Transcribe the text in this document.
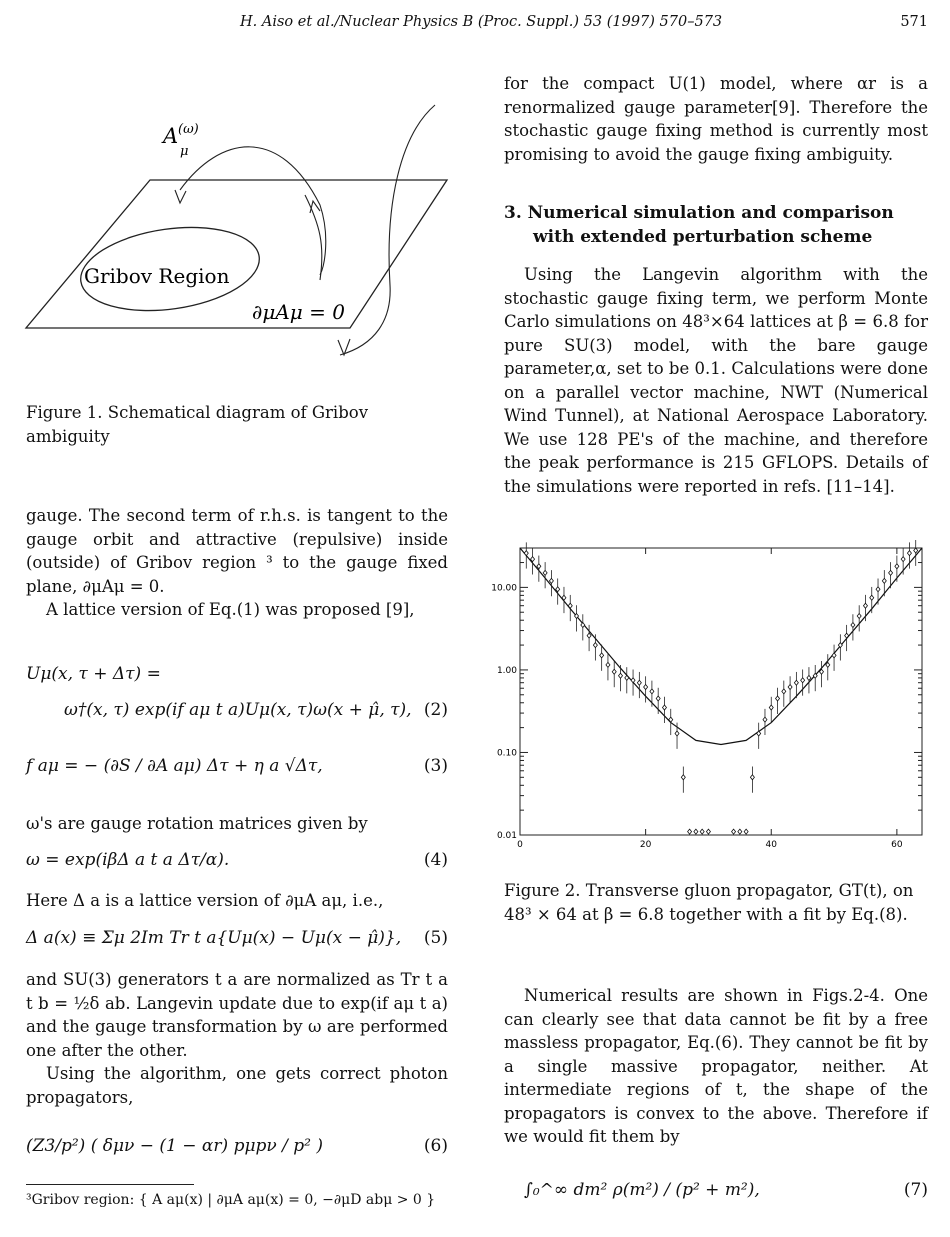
H. Aiso et al./Nuclear Physics B (Proc. Suppl.) 53 (1997) 570–573	571
A (ω)
μ
Gribov Region
∂μAμ = 0
Figure 1. Schematical diagram of Gribov ambiguity

gauge. The second term of r.h.s. is tangent to the gauge orbit and attractive (repulsive) inside (outside) of Gribov region ³ to the gauge fixed plane, ∂μAμ = 0.

A lattice version of Eq.(1) was proposed [9],

Uμ(x, τ + Δτ) =
ω†(x, τ) exp(if aμ t a)Uμ(x, τ)ω(x + μ̂, τ), (2)
f aμ = − (∂S / ∂A aμ) Δτ + η a √Δτ,	(3)
ω's are gauge rotation matrices given by
ω = exp(iβΔ a t a Δτ/α).	(4)
Here Δ a is a lattice version of ∂μA aμ, i.e.,
Δ a(x) ≡ Σμ 2Im Tr t a{Uμ(x) − Uμ(x − μ̂)}, (5)

and SU(3) generators t a are normalized as Tr t a t b = ½δ ab. Langevin update due to exp(if aμ t a) and the gauge transformation by ω are performed one after the other.

Using the algorithm, one gets correct photon propagators,

(Z3/p²) ( δμν − (1 − αr) pμpν / p² )	(6)
³Gribov region: { A aμ(x) | ∂μA aμ(x) = 0, −∂μD abμ > 0 }
for the compact U(1) model, where αr is a renormalized gauge parameter[9]. Therefore the stochastic gauge fixing method is currently most promising to avoid the gauge fixing ambiguity.
3. Numerical simulation and comparison
with extended perturbation scheme
Using the Langevin algorithm with the stochastic gauge fixing term, we perform Monte Carlo simulations on 48³×64 lattices at β = 6.8 for pure SU(3) model, with the bare gauge parameter,α, set to be 0.1. Calculations were done on a parallel vector machine, NWT (Numerical Wind Tunnel), at National Aerospace Laboratory. We use 128 PE's of the machine, and therefore the peak performance is 215 GFLOPS. Details of the simulations were reported in refs. [11–14].
0	20	40	60
0.01
0.10
1.00
10.00
Figure 2. Transverse gluon propagator, GT(t), on 48³ × 64 at β = 6.8 together with a fit by Eq.(8).
Numerical results are shown in Figs.2-4. One can clearly see that data cannot be fit by a free massless propagator, Eq.(6). They cannot be fit by a single massive propagator, neither. At intermediate regions of t, the shape of the propagators is convex to the above. Therefore if we would fit them by
∫₀^∞ dm² ρ(m²) / (p² + m²),	(7)
